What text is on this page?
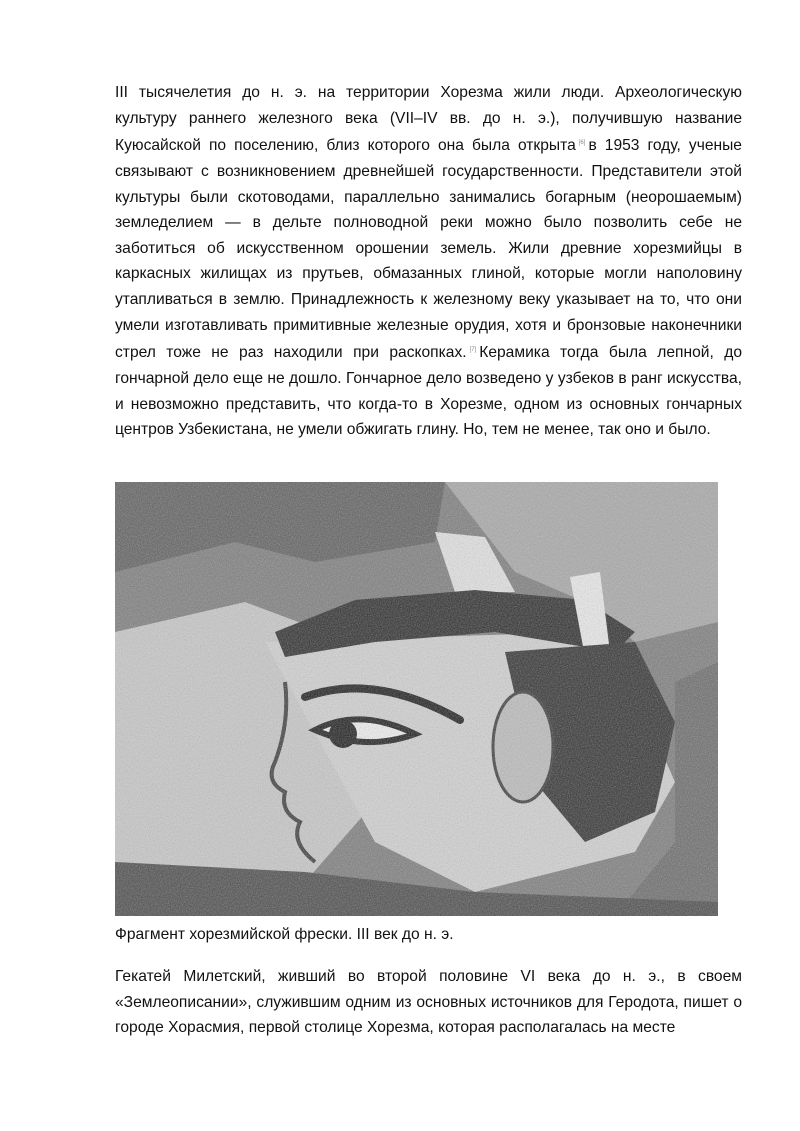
III тысячелетия до н. э. на территории Хорезма жили люди. Археологическую культуру раннего железного века (VII–IV вв. до н. э.), получившую название Куюсайской по поселению, близ которого она была открыта [6] в 1953 году, ученые связывают с возникновением древнейшей государственности. Представители этой культуры были скотоводами, параллельно занимались богарным (неорошаемым) земледелием — в дельте полноводной реки можно было позволить себе не заботиться об искусственном орошении земель. Жили древние хорезмийцы в каркасных жилищах из прутьев, обмазанных глиной, которые могли наполовину утапливаться в землю. Принадлежность к железному веку указывает на то, что они умели изготавливать примитивные железные орудия, хотя и бронзовые наконечники стрел тоже не раз находили при раскопках. [7] Керамика тогда была лепной, до гончарной дело еще не дошло. Гончарное дело возведено у узбеков в ранг искусства, и невозможно представить, что когда-то в Хорезме, одном из основных гончарных центров Узбекистана, не умели обжигать глину. Но, тем не менее, так оно и было.

Фрагмент хорезмийской фрески. III век до н. э.

Гекатей Милетский, живший во второй половине VI века до н. э., в своем «Землеописании», служившим одним из основных источников для Геродота, пишет о городе Хорасмия, первой столице Хорезма, которая располагалась на месте
